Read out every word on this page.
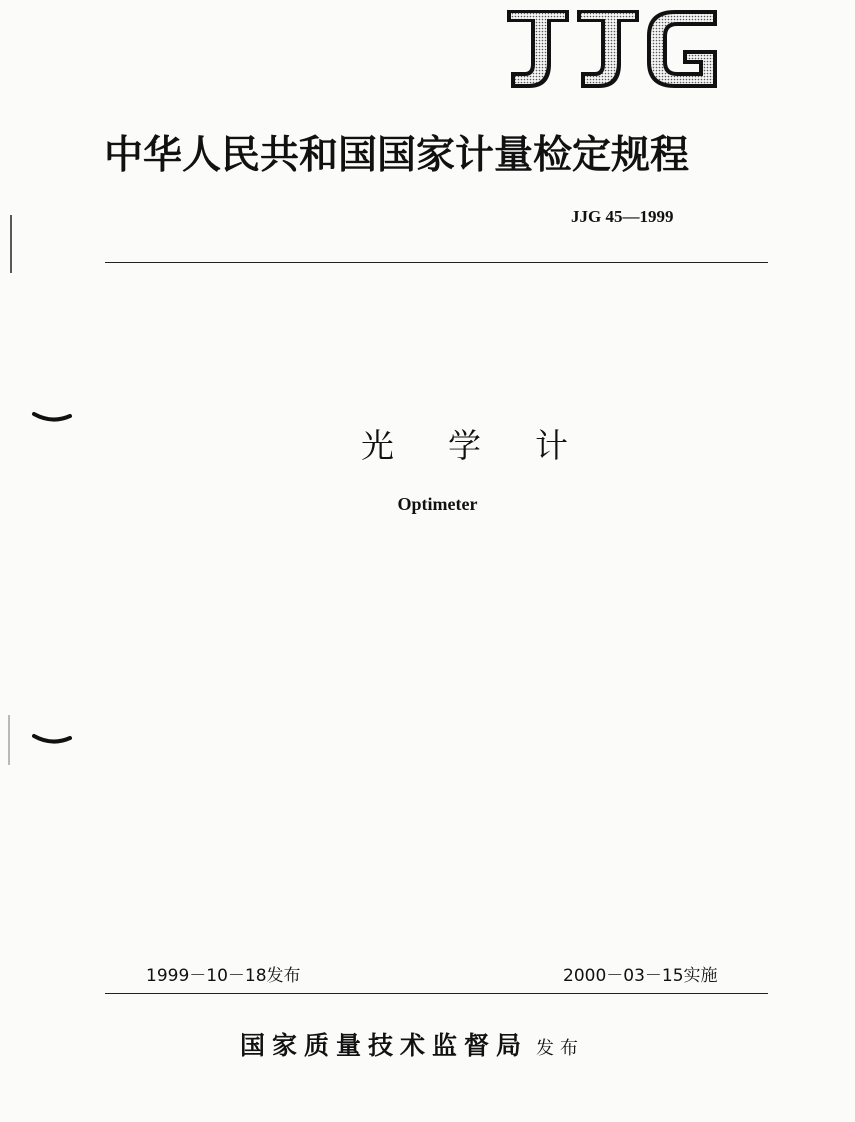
中华人民共和国国家计量检定规程
JJG 45—1999
光学计
Optimeter
1999－10－18发布	2000－03－15实施
国家质量技术监督局 发布
